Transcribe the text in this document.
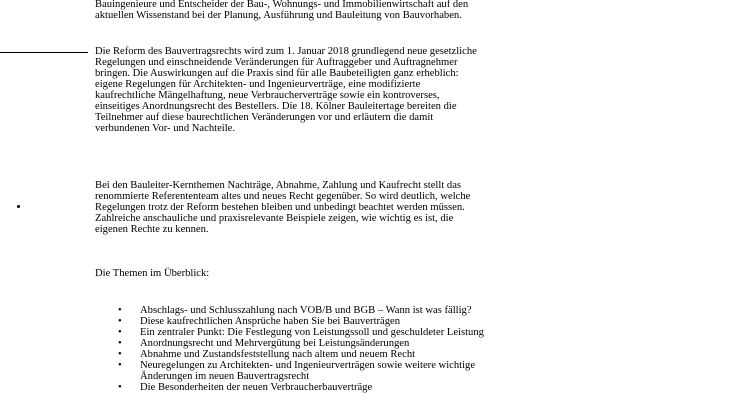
Bauingenieure und Entscheider der Bau-, Wohnungs- und Immobilienwirtschaft auf den
aktuellen Wissenstand bei der Planung, Ausführung und Bauleitung von Bauvorhaben.
Die Reform des Bauvertragsrechts wird zum 1. Januar 2018 grundlegend neue gesetzliche
Regelungen und einschneidende Veränderungen für Auftraggeber und Auftragnehmer
bringen. Die Auswirkungen auf die Praxis sind für alle Baubeteiligten ganz erheblich:
eigene Regelungen für Architekten- und Ingenieurverträge, eine modifizierte
kaufrechtliche Mängelhaftung, neue Verbraucherverträge sowie ein kontroverses,
einseitiges Anordnungsrecht des Bestellers. Die 18. Kölner Bauleitertage bereiten die
Teilnehmer auf diese baurechtlichen Veränderungen vor und erläutern die damit
verbundenen Vor- und Nachteile.
Bei den Bauleiter-Kernthemen Nachträge, Abnahme, Zahlung und Kaufrecht stellt das
renommierte Referententeam altes und neues Recht gegenüber. So wird deutlich, welche
Regelungen trotz der Reform bestehen bleiben und unbedingt beachtet werden müssen.
Zahlreiche anschauliche und praxisrelevante Beispiele zeigen, wie wichtig es ist, die
eigenen Rechte zu kennen.
Die Themen im Überblick:
• Abschlags- und Schlusszahlung nach VOB/B und BGB – Wann ist was fällig?
• Diese kaufrechtlichen Ansprüche haben Sie bei Bauverträgen
• Ein zentraler Punkt: Die Festlegung von Leistungssoll und geschuldeter Leistung
• Anordnungsrecht und Mehrvergütung bei Leistungsänderungen
• Abnahme und Zustandsfeststellung nach altem und neuem Recht
• Neuregelungen zu Architekten- und Ingenieurverträgen sowie weitere wichtige
Änderungen im neuen Bauvertragsrecht
• Die Besonderheiten der neuen Verbraucherbauverträge
